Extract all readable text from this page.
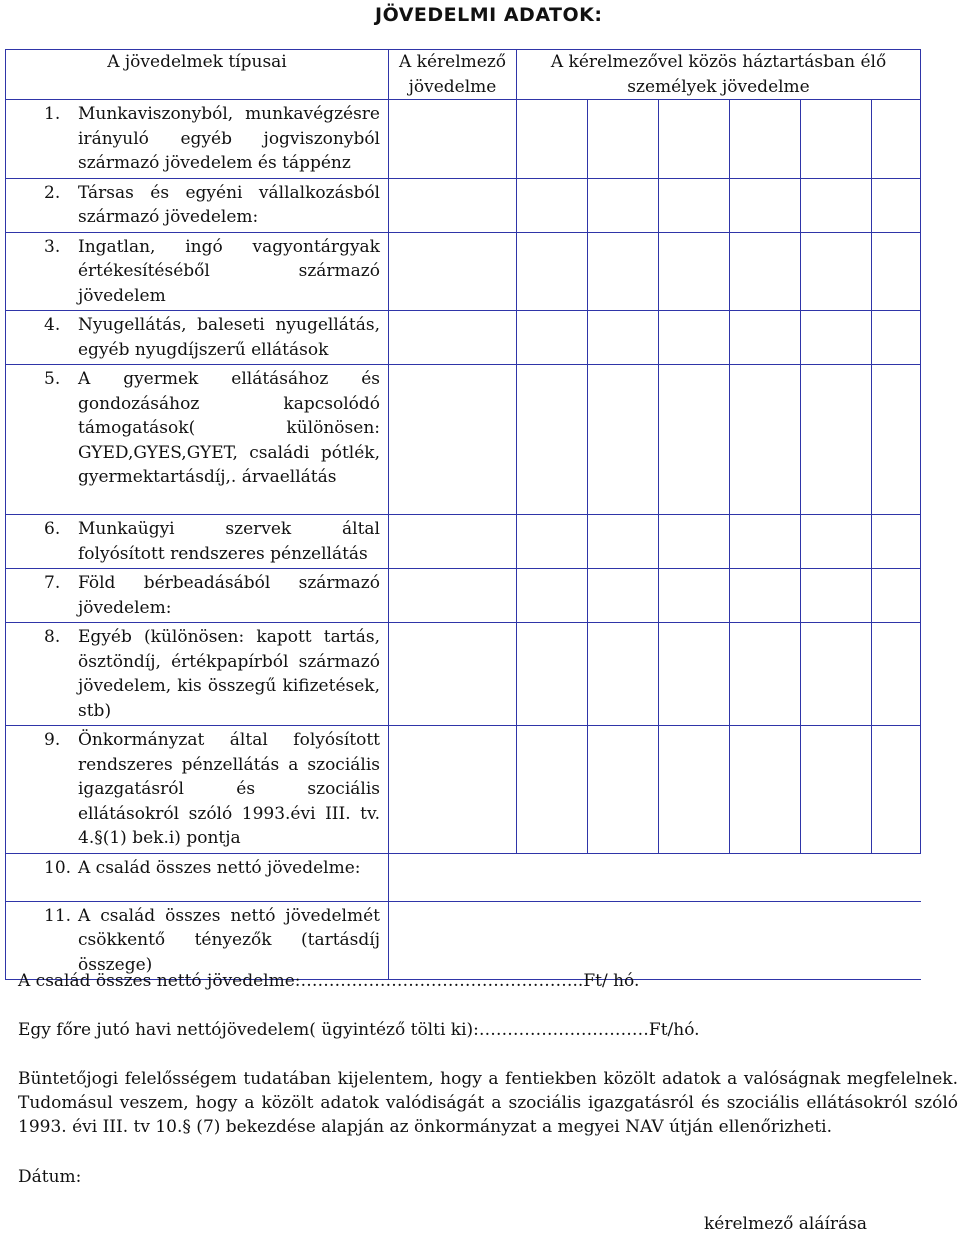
JÖVEDELMI ADATOK:
A jövedelmek típusai	A kérelmező jövedelme	A kérelmezővel közös háztartásban élő személyek jövedelme					

1. Munkaviszonyból, munkavégzésre irányuló egyéb jogviszonyból származó jövedelem és táppénz							

2. Társas és egyéni vállalkozásból származó jövedelem:							

3. Ingatlan, ingó vagyontárgyak értékesítéséből származó jövedelem							

4. Nyugellátás, baleseti nyugellátás, egyéb nyugdíjszerű ellátások							

5. A gyermek ellátásához és gondozásához kapcsolódó támogatások( különösen: GYED,GYES,GYET, családi pótlék, gyermektartásdíj,. árvaellátás							

6. Munkaügyi szervek által folyósított rendszeres pénzellátás							

7. Föld bérbeadásából származó jövedelem:							

8. Egyéb (különösen: kapott tartás, ösztöndíj, értékpapírból származó jövedelem, kis összegű kifizetések, stb)							

9. Önkormányzat által folyósított rendszeres pénzellátás a szociális igazgatásról és szociális ellátásokról szóló 1993.évi III. tv. 4.§(1) bek.i) pontja							

10. A család összes nettó jövedelme:							

11. A család összes nettó jövedelmét csökkentő tényezők (tartásdíj összege)							

A család összes nettó jövedelme:…………………………………………..Ft/ hó.
Egy főre jutó havi nettójövedelem( ügyintéző tölti ki):…………………………Ft/hó.
Büntetőjogi felelősségem tudatában kijelentem, hogy a fentiekben közölt adatok a valóságnak megfelelnek. Tudomásul veszem, hogy a közölt adatok valódiságát a szociális igazgatásról és szociális ellátásokról szóló 1993. évi III. tv 10.§ (7) bekezdése alapján az önkormányzat a megyei NAV útján ellenőrizheti.
Dátum:
kérelmező aláírása
